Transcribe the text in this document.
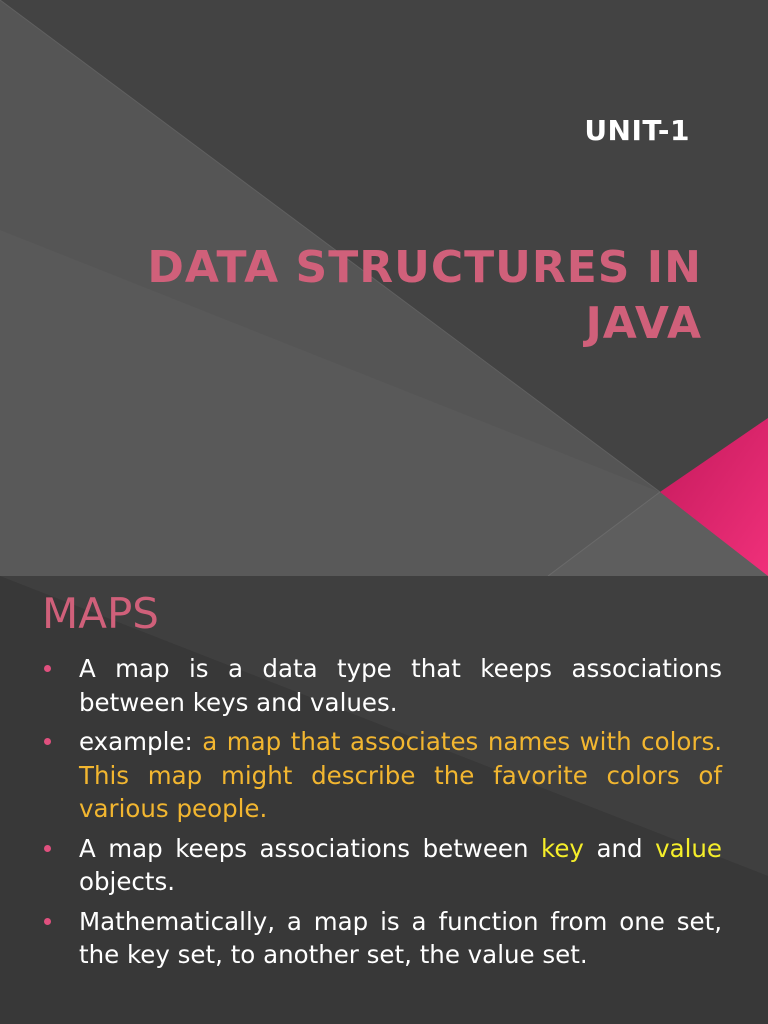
UNIT-1
DATA STRUCTURES IN
JAVA
MAPS
A map is a data type that keeps associations between keys and values.
example: a map that associates names with colors. This map might describe the favorite colors of various people.
A map keeps associations between key and value objects.
Mathematically, a map is a function from one set, the key set, to another set, the value set.
